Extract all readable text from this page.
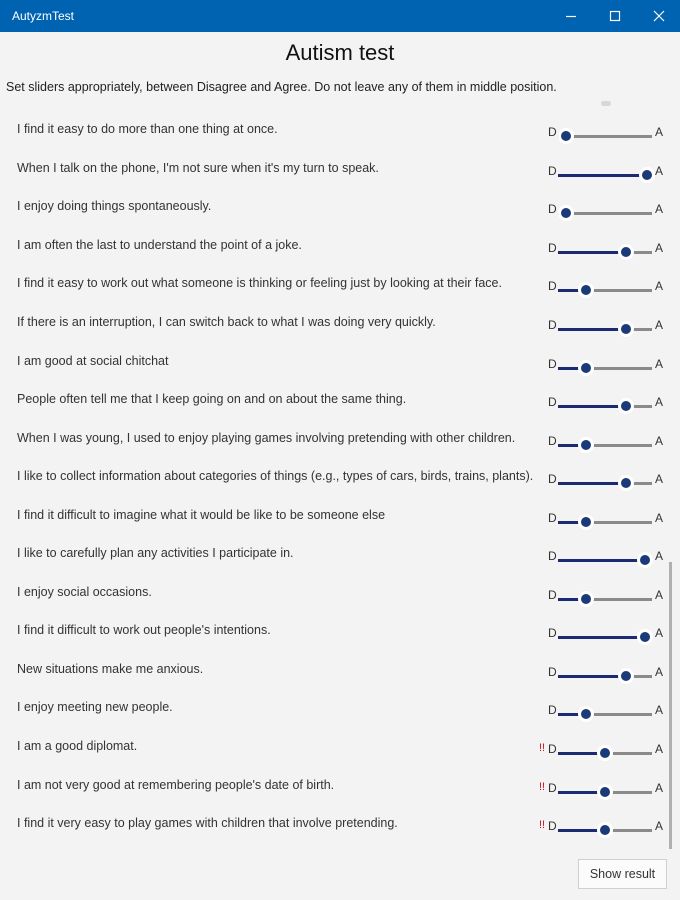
AutyzmTest
Autism test
Set sliders appropriately, between Disagree and Agree. Do not leave any of them in middle position.
I find it easy to do more than one thing at once.	D	A
When I talk on the phone, I'm not sure when it's my turn to speak.	D	A
I enjoy doing things spontaneously.	D	A
I am often the last to understand the point of a joke.	D	A
I find it easy to work out what someone is thinking or feeling just by looking at their face.	D	A
If there is an interruption, I can switch back to what I was doing very quickly.	D	A
I am good at social chitchat	D	A
People often tell me that I keep going on and on about the same thing.	D	A
When I was young, I used to enjoy playing games involving pretending with other children.	D	A
I like to collect information about categories of things (e.g., types of cars, birds, trains, plants).	D	A
I find it difficult to imagine what it would be like to be someone else	D	A
I like to carefully plan any activities I participate in.	D	A
I enjoy social occasions.	D	A
I find it difficult to work out people's intentions.	D	A
New situations make me anxious.	D	A
I enjoy meeting new people.	D	A
I am a good diplomat.	!! D	A
I am not very good at remembering people's date of birth.	!! D	A
I find it very easy to play games with children that involve pretending.	!! D	A
Show result
